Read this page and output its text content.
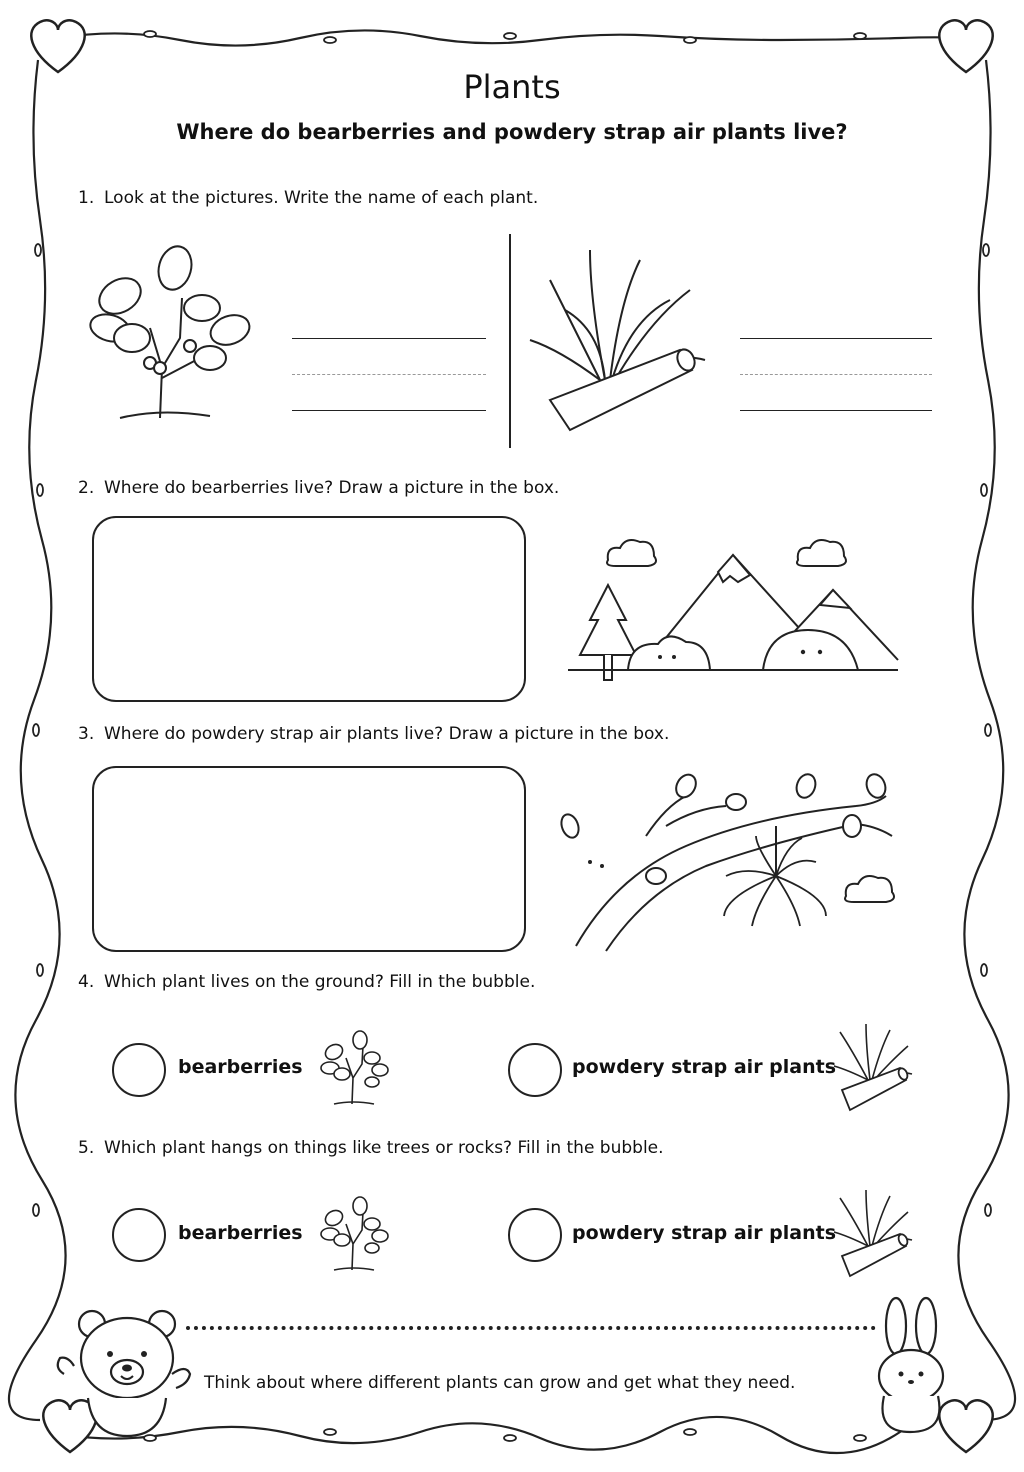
Plants
Where do bearberries and powdery strap air plants live?
1. Look at the pictures. Write the name of each plant.
2. Where do bearberries live? Draw a picture in the box.
3. Where do powdery strap air plants live? Draw a picture in the box.
4. Which plant lives on the ground? Fill in the bubble.
bearberries	powdery strap air plants
5. Which plant hangs on things like trees or rocks? Fill in the bubble.
bearberries	powdery strap air plants
Think about where different plants can grow and get what they need.
